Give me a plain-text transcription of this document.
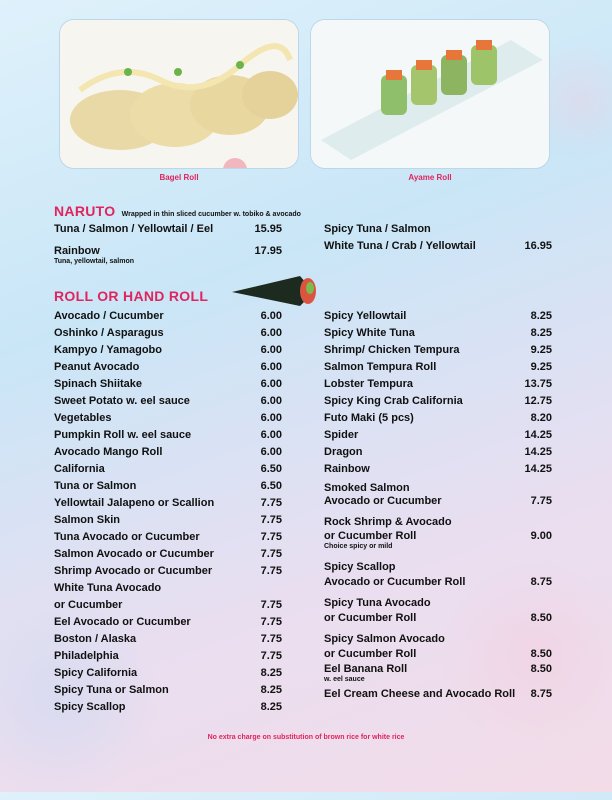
Bagel Roll	Ayame Roll
NARUTO Wrapped in thin sliced cucumber w. tobiko & avocado
Tuna / Salmon / Yellowtail / Eel	15.95
Rainbow	17.95
Tuna, yellowtail, salmon
Spicy Tuna / Salmon
White Tuna / Crab / Yellowtail	16.95
ROLL OR HAND ROLL
Avocado / Cucumber	6.00
Oshinko / Asparagus	6.00
Kampyo / Yamagobo	6.00
Peanut Avocado	6.00
Spinach Shiitake	6.00
Sweet Potato w. eel sauce	6.00
Vegetables	6.00
Pumpkin Roll w. eel sauce	6.00
Avocado Mango Roll	6.00
California	6.50
Tuna or Salmon	6.50
Yellowtail Jalapeno or Scallion	7.75
Salmon Skin	7.75
Tuna Avocado or Cucumber	7.75
Salmon Avocado or Cucumber	7.75
Shrimp Avocado or Cucumber	7.75
White Tuna Avocado
or Cucumber	7.75
Eel Avocado or Cucumber	7.75
Boston / Alaska	7.75
Philadelphia	7.75
Spicy California	8.25
Spicy Tuna or Salmon	8.25
Spicy Scallop	8.25
Spicy Yellowtail	8.25
Spicy White Tuna	8.25
Shrimp/ Chicken Tempura	9.25
Salmon Tempura Roll	9.25
Lobster Tempura	13.75
Spicy King Crab California	12.75
Futo Maki (5 pcs)	8.20
Spider	14.25
Dragon	14.25
Rainbow	14.25
Smoked Salmon
Avocado or Cucumber	7.75
Rock Shrimp & Avocado
or Cucumber Roll	9.00
Choice spicy or mild
Spicy Scallop
Avocado or Cucumber Roll	8.75
Spicy Tuna Avocado
or Cucumber Roll	8.50
Spicy Salmon Avocado
or Cucumber Roll	8.50
Eel Banana Roll	8.50
w. eel sauce
Eel Cream Cheese and Avocado Roll 8.75
No extra charge on substitution of brown rice for white rice
